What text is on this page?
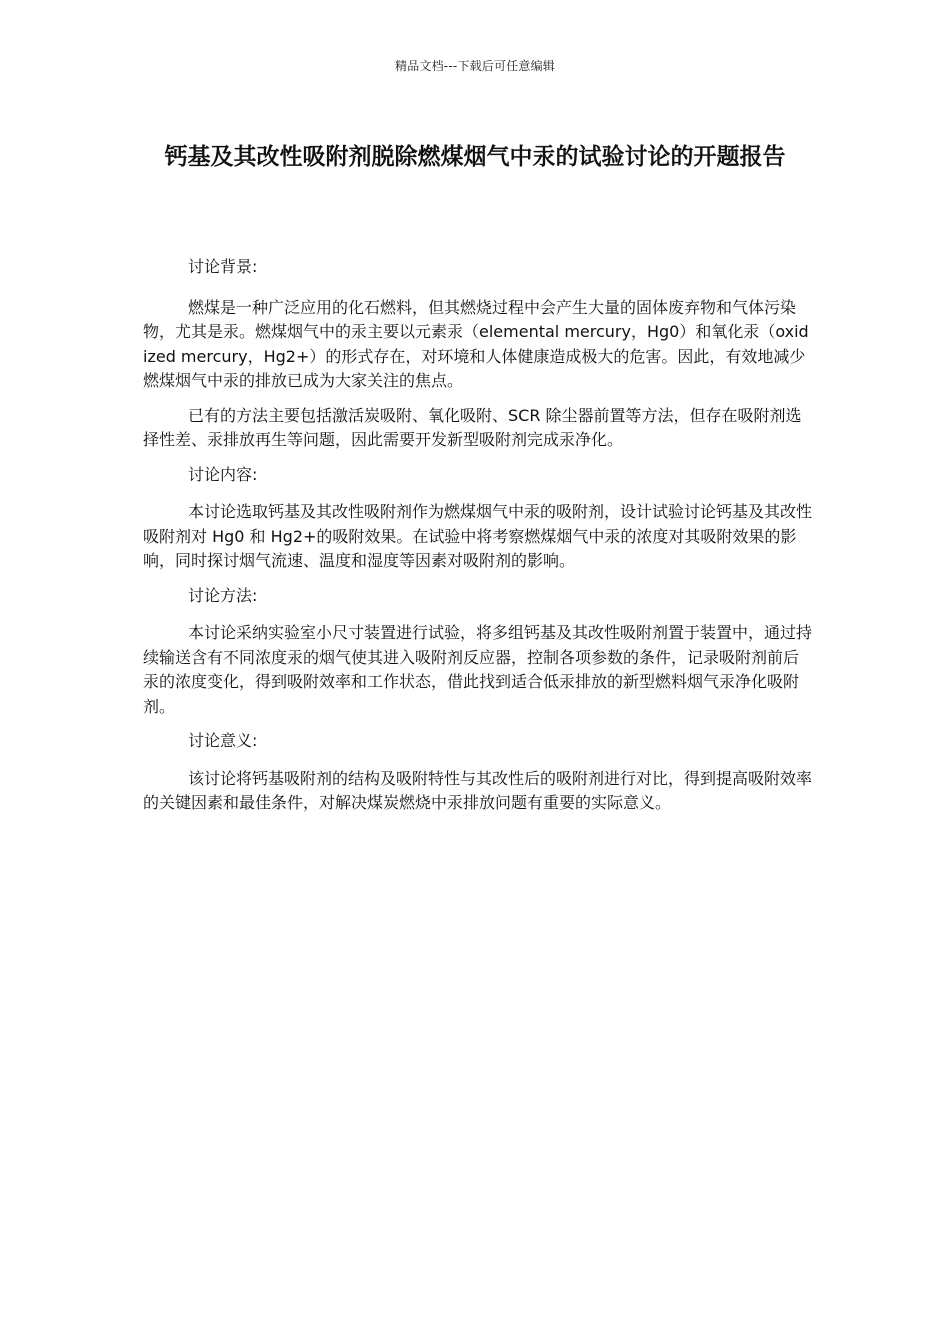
精品文档---下载后可任意编辑
钙基及其改性吸附剂脱除燃煤烟气中汞的试验讨论的开题报告

讨论背景:

燃煤是一种广泛应用的化石燃料，但其燃烧过程中会产生大量的固体废弃物和气体污染物，尤其是汞。燃煤烟气中的汞主要以元素汞（elemental mercury，Hg0）和氧化汞（oxidized mercury，Hg2+）的形式存在，对环境和人体健康造成极大的危害。因此，有效地减少燃煤烟气中汞的排放已成为大家关注的焦点。

已有的方法主要包括激活炭吸附、氧化吸附、SCR 除尘器前置等方法，但存在吸附剂选择性差、汞排放再生等问题，因此需要开发新型吸附剂完成汞净化。

讨论内容:

本讨论选取钙基及其改性吸附剂作为燃煤烟气中汞的吸附剂，设计试验讨论钙基及其改性吸附剂对 Hg0 和 Hg2+的吸附效果。在试验中将考察燃煤烟气中汞的浓度对其吸附效果的影响，同时探讨烟气流速、温度和湿度等因素对吸附剂的影响。

讨论方法:

本讨论采纳实验室小尺寸装置进行试验，将多组钙基及其改性吸附剂置于装置中，通过持续输送含有不同浓度汞的烟气使其进入吸附剂反应器，控制各项参数的条件，记录吸附剂前后汞的浓度变化，得到吸附效率和工作状态，借此找到适合低汞排放的新型燃料烟气汞净化吸附剂。

讨论意义:

该讨论将钙基吸附剂的结构及吸附特性与其改性后的吸附剂进行对比，得到提高吸附效率的关键因素和最佳条件，对解决煤炭燃烧中汞排放问题有重要的实际意义。
